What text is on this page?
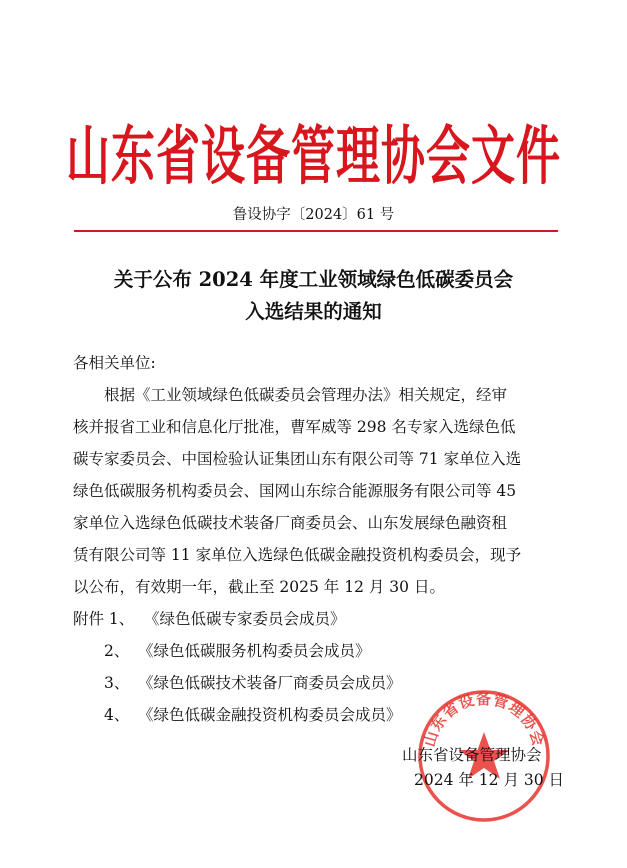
山东省设备管理协会文件
鲁设协字〔2024〕61 号
关于公布 2024 年度工业领域绿色低碳委员会
入选结果的通知
各相关单位:
根据《工业领域绿色低碳委员会管理办法》相关规定，经审
核并报省工业和信息化厅批准，曹军威等 298 名专家入选绿色低
碳专家委员会、中国检验认证集团山东有限公司等 71 家单位入选
绿色低碳服务机构委员会、国网山东综合能源服务有限公司等 45
家单位入选绿色低碳技术装备厂商委员会、山东发展绿色融资租
赁有限公司等 11 家单位入选绿色低碳金融投资机构委员会，现予
以公布，有效期一年，截止至 2025 年 12 月 30 日。
附件 1、 《绿色低碳专家委员会成员》
2、 《绿色低碳服务机构委员会成员》
3、 《绿色低碳技术装备厂商委员会成员》
4、 《绿色低碳金融投资机构委员会成员》
山东省设备管理协会
山东省设备管理协会
2024 年 12 月 30 日
